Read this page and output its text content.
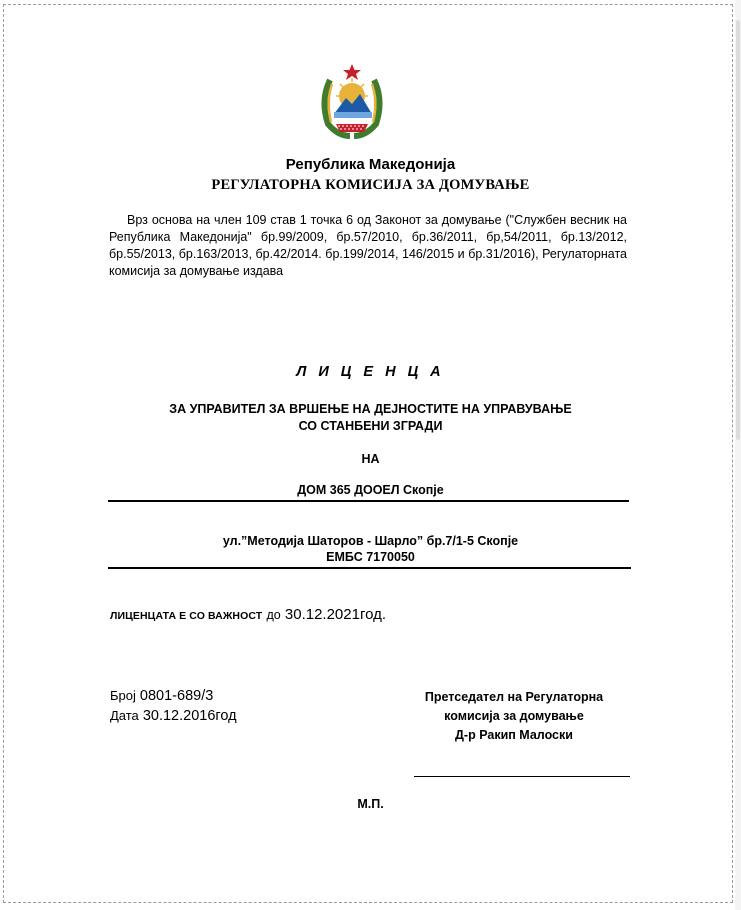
Република Македонија
РЕГУЛАТОРНА КОМИСИЈА ЗА ДОМУВАЊЕ

Врз основа на член 109 став 1 точка 6 од Законот за домување ("Службен весник на Република Македонија" бр.99/2009, бр.57/2010, бр.36/2011, бр,54/2011, бр.13/2012, бр.55/2013, бр.163/2013, бр.42/2014. бр.199/2014, 146/2015 и бр.31/2016), Регулаторната комисија за домување издава

Л И Ц Е Н Ц А
ЗА УПРАВИТЕЛ ЗА ВРШЕЊЕ НА ДЕЈНОСТИТЕ НА УПРАВУВАЊЕ
СО СТАНБЕНИ ЗГРАДИ
НА
ДОМ 365 ДООЕЛ Скопје
ул.”Методија Шаторов - Шарло” бр.7/1-5 Скопје
ЕМБС 7170050
ЛИЦЕНЦАТА Е СО ВАЖНОСТ до 30.12.2021год.
Број 0801-689/3
Дата 30.12.2016год
Претседател на Регулаторна
комисија за домување
Д-р Ракип Малоски
М.П.
